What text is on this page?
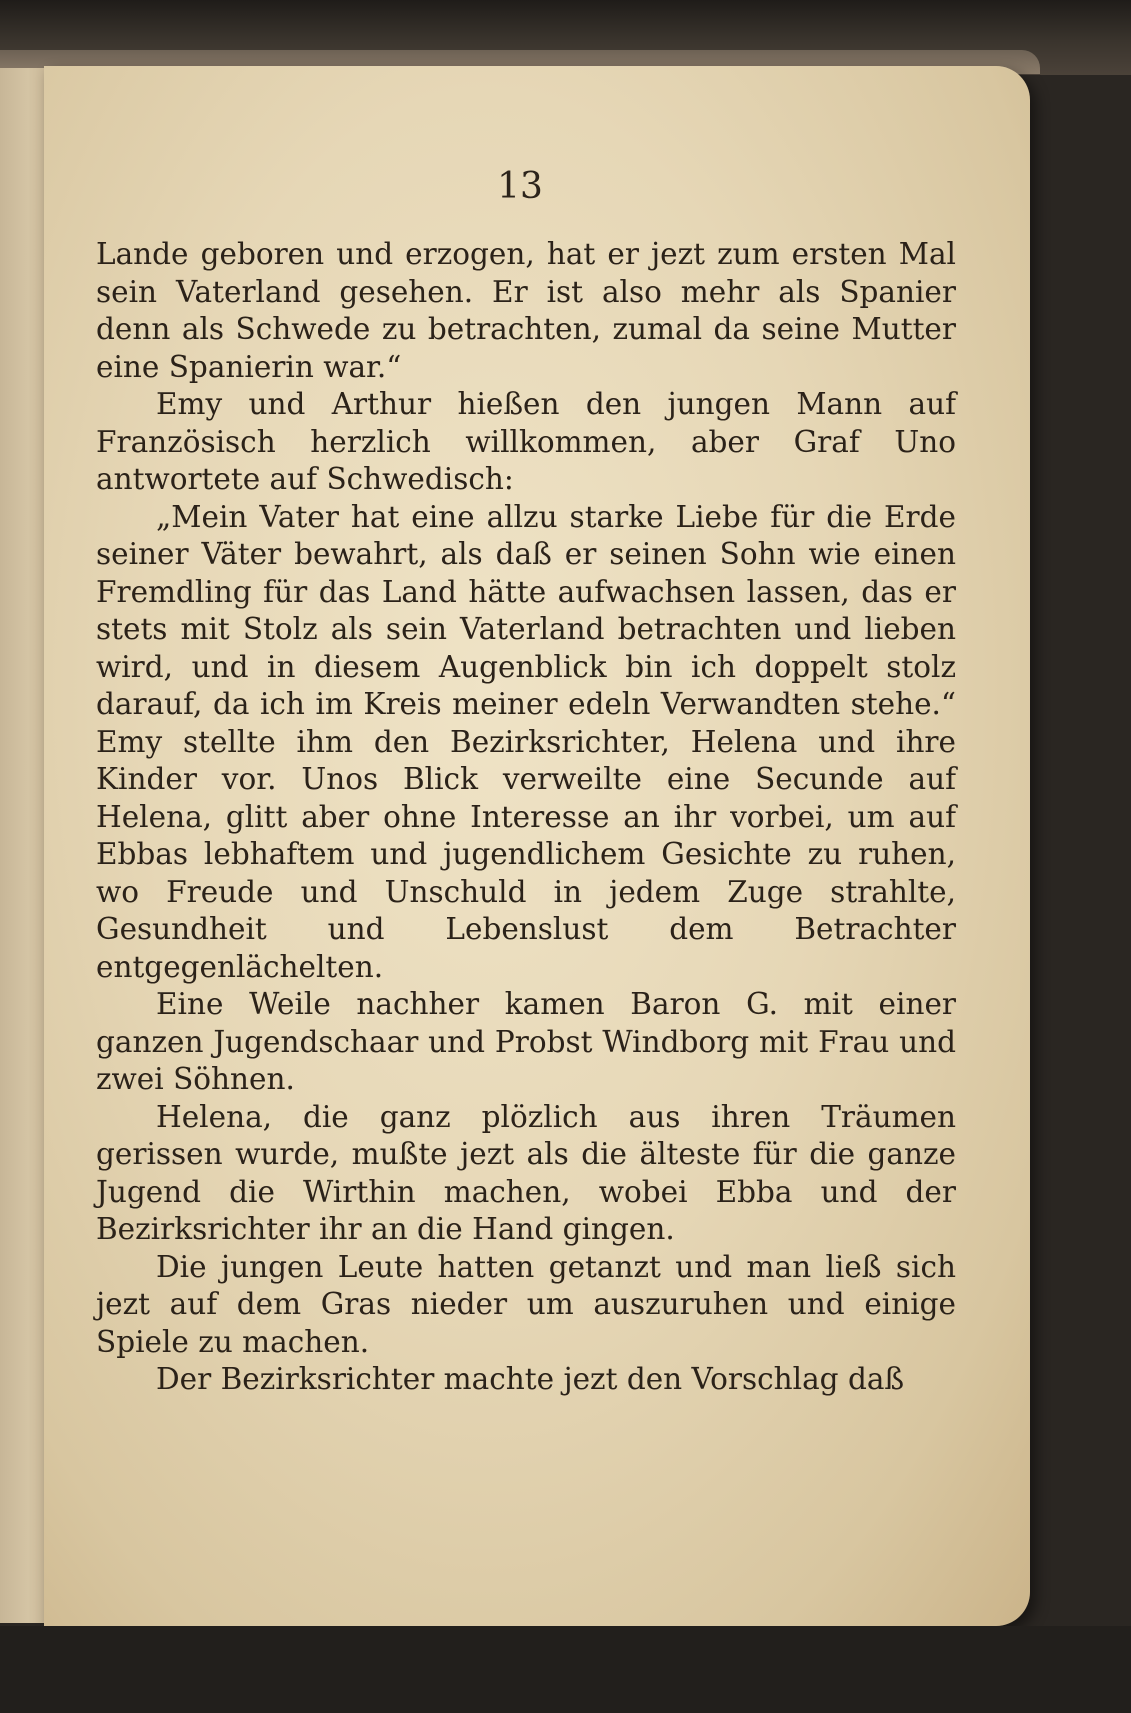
13

Lande geboren und erzogen, hat er jezt zum ersten Mal sein Vaterland gesehen. Er ist also mehr als Spanier denn als Schwede zu betrachten, zumal da seine Mutter eine Spanierin war.“

Emy und Arthur hießen den jungen Mann auf Französisch herzlich willkommen, aber Graf Uno antwortete auf Schwedisch:

„Mein Vater hat eine allzu starke Liebe für die Erde seiner Väter bewahrt, als daß er seinen Sohn wie einen Fremdling für das Land hätte aufwachsen lassen, das er stets mit Stolz als sein Vaterland betrachten und lieben wird, und in diesem Augenblick bin ich doppelt stolz darauf, da ich im Kreis meiner edeln Verwandten stehe.“ Emy stellte ihm den Bezirksrichter, Helena und ihre Kinder vor. Unos Blick verweilte eine Secunde auf Helena, glitt aber ohne Interesse an ihr vorbei, um auf Ebbas lebhaftem und jugendlichem Gesichte zu ruhen, wo Freude und Unschuld in jedem Zuge strahlte, Gesundheit und Lebenslust dem Betrachter entgegenlächelten.

Eine Weile nachher kamen Baron G. mit einer ganzen Jugendschaar und Probst Windborg mit Frau und zwei Söhnen.

Helena, die ganz plözlich aus ihren Träumen gerissen wurde, mußte jezt als die älteste für die ganze Jugend die Wirthin machen, wobei Ebba und der Bezirksrichter ihr an die Hand gingen.

Die jungen Leute hatten getanzt und man ließ sich jezt auf dem Gras nieder um auszuruhen und einige Spiele zu machen.

Der Bezirksrichter machte jezt den Vorschlag daß
